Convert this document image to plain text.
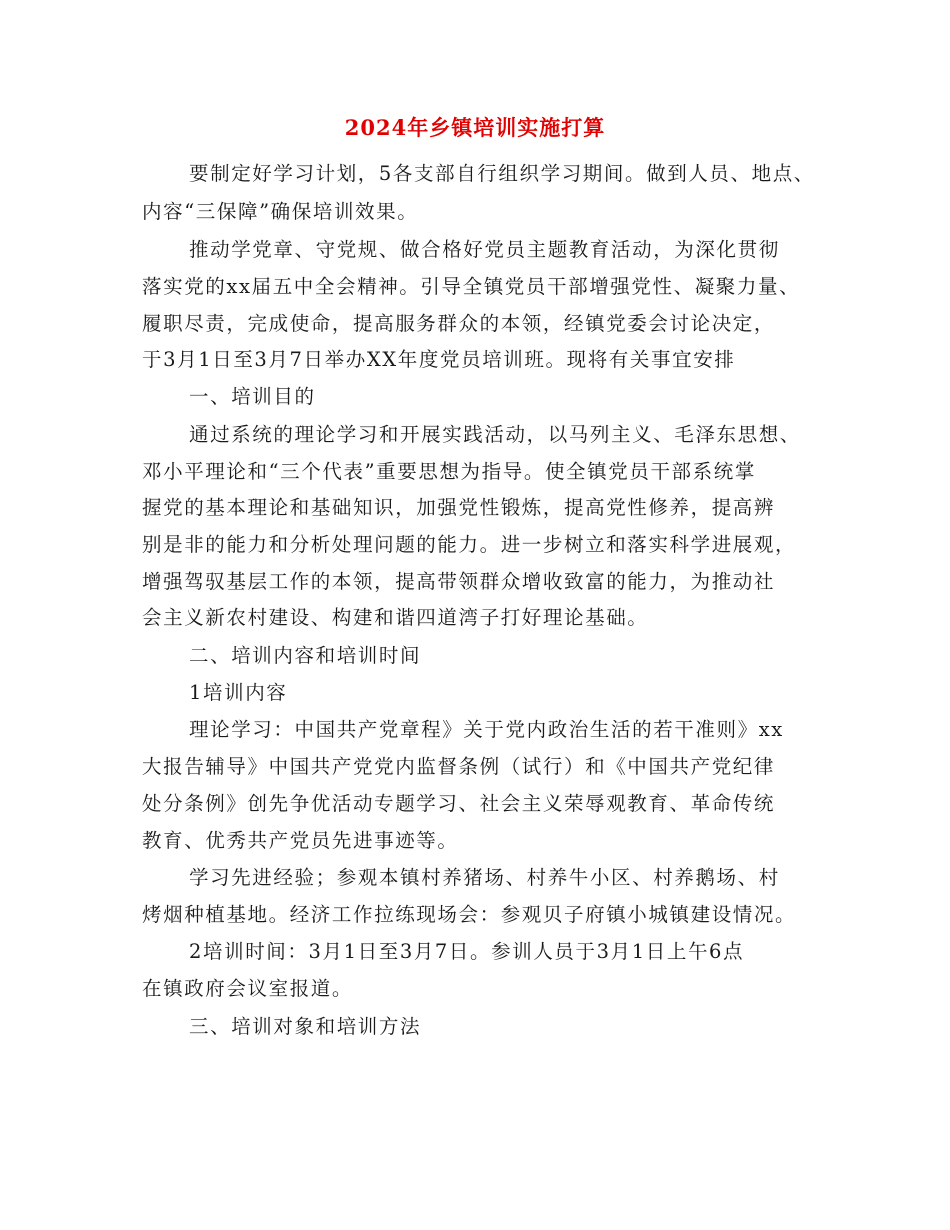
2024年乡镇培训实施打算
要制定好学习计划，5各支部自行组织学习期间。做到人员、地点、
内容“三保障”确保培训效果。
推动学党章、守党规、做合格好党员主题教育活动，为深化贯彻
落实党的xx届五中全会精神。引导全镇党员干部增强党性、凝聚力量、
履职尽责，完成使命，提高服务群众的本领，经镇党委会讨论决定，
于3月1日至3月7日举办XX年度党员培训班。现将有关事宜安排
一、培训目的
通过系统的理论学习和开展实践活动，以马列主义、毛泽东思想、
邓小平理论和“三个代表”重要思想为指导。使全镇党员干部系统掌
握党的基本理论和基础知识，加强党性锻炼，提高党性修养，提高辨
别是非的能力和分析处理问题的能力。进一步树立和落实科学进展观，
增强驾驭基层工作的本领，提高带领群众增收致富的能力，为推动社
会主义新农村建设、构建和谐四道湾子打好理论基础。
二、培训内容和培训时间
1培训内容
理论学习：中国共产党章程》关于党内政治生活的若干准则》xx
大报告辅导》中国共产党党内监督条例（试行）和《中国共产党纪律
处分条例》创先争优活动专题学习、社会主义荣辱观教育、革命传统
教育、优秀共产党员先进事迹等。
学习先进经验；参观本镇村养猪场、村养牛小区、村养鹅场、村
烤烟种植基地。经济工作拉练现场会：参观贝子府镇小城镇建设情况。
2培训时间：3月1日至3月7日。参训人员于3月1日上午6点
在镇政府会议室报道。
三、培训对象和培训方法
